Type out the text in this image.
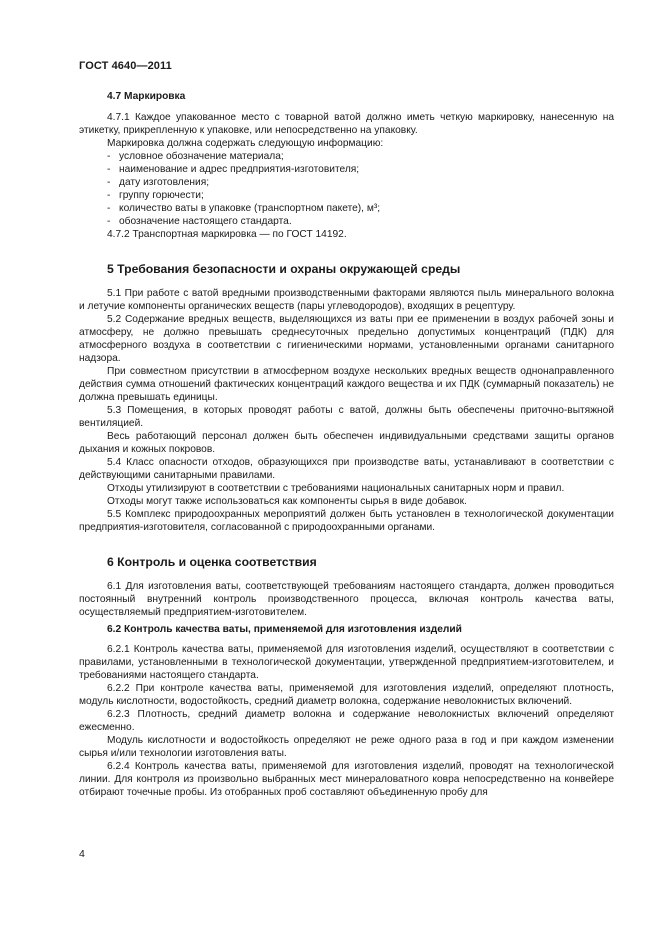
ГОСТ 4640—2011
4.7 Маркировка

4.7.1 Каждое упакованное место с товарной ватой должно иметь четкую маркировку, нанесенную на этикетку, прикрепленную к упаковке, или непосредственно на упаковку.

Маркировка должна содержать следующую информацию:

- условное обозначение материала;

- наименование и адрес предприятия-изготовителя;

- дату изготовления;

- группу горючести;

- количество ваты в упаковке (транспортном пакете), м³;

- обозначение настоящего стандарта.

4.7.2 Транспортная маркировка — по ГОСТ 14192.

5 Требования безопасности и охраны окружающей среды

5.1 При работе с ватой вредными производственными факторами являются пыль минерального волокна и летучие компоненты органических веществ (пары углеводородов), входящих в рецептуру.

5.2 Содержание вредных веществ, выделяющихся из ваты при ее применении в воздух рабочей зоны и атмосферу, не должно превышать среднесуточных предельно допустимых концентраций (ПДК) для атмосферного воздуха в соответствии с гигиеническими нормами, установленными органами санитарного надзора.

При совместном присутствии в атмосферном воздухе нескольких вредных веществ однонаправленного действия сумма отношений фактических концентраций каждого вещества и их ПДК (суммарный показатель) не должна превышать единицы.

5.3 Помещения, в которых проводят работы с ватой, должны быть обеспечены приточно-вытяжной вентиляцией.

Весь работающий персонал должен быть обеспечен индивидуальными средствами защиты органов дыхания и кожных покровов.

5.4 Класс опасности отходов, образующихся при производстве ваты, устанавливают в соответствии с действующими санитарными правилами.

Отходы утилизируют в соответствии с требованиями национальных санитарных норм и правил.

Отходы могут также использоваться как компоненты сырья в виде добавок.

5.5 Комплекс природоохранных мероприятий должен быть установлен в технологической документации предприятия-изготовителя, согласованной с природоохранными органами.

6 Контроль и оценка соответствия

6.1 Для изготовления ваты, соответствующей требованиям настоящего стандарта, должен проводиться постоянный внутренний контроль производственного процесса, включая контроль качества ваты, осуществляемый предприятием-изготовителем.

6.2 Контроль качества ваты, применяемой для изготовления изделий

6.2.1 Контроль качества ваты, применяемой для изготовления изделий, осуществляют в соответствии с правилами, установленными в технологической документации, утвержденной предприятием-изготовителем, и требованиями настоящего стандарта.

6.2.2 При контроле качества ваты, применяемой для изготовления изделий, определяют плотность, модуль кислотности, водостойкость, средний диаметр волокна, содержание неволокнистых включений.

6.2.3 Плотность, средний диаметр волокна и содержание неволокнистых включений определяют ежесменно.

Модуль кислотности и водостойкость определяют не реже одного раза в год и при каждом изменении сырья и/или технологии изготовления ваты.

6.2.4 Контроль качества ваты, применяемой для изготовления изделий, проводят на технологической линии. Для контроля из произвольно выбранных мест минераловатного ковра непосредственно на конвейере отбирают точечные пробы. Из отобранных проб составляют объединенную пробу для

4
